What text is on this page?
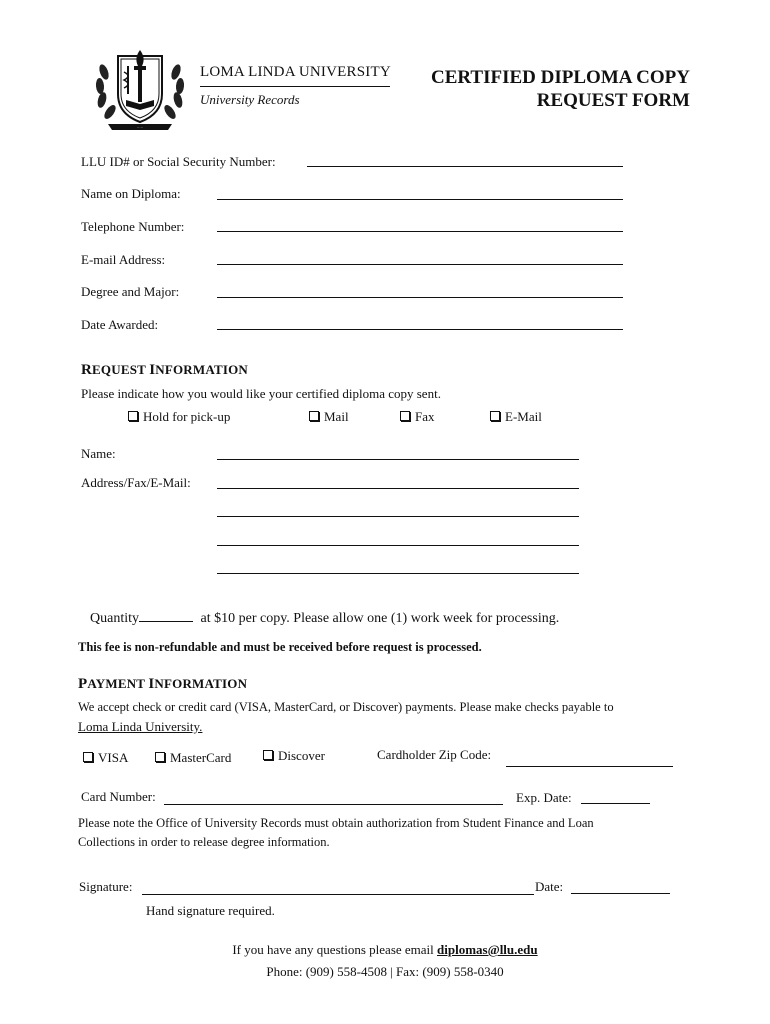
·····
LOMA LINDA UNIVERSITY
University Records
CERTIFIED DIPLOMA COPY
REQUEST FORM
LLU ID# or Social Security Number:
Name on Diploma:
Telephone Number:
E-mail Address:
Degree and Major:
Date Awarded:
REQUEST INFORMATION
Please indicate how you would like your certified diploma copy sent.
Hold for pick-up	Mail	Fax	E-Mail
Name:
Address/Fax/E-Mail:
Quantity	at $10 per copy. Please allow one (1) work week for processing.
This fee is non-refundable and must be received before request is processed.
PAYMENT INFORMATION
We accept check or credit card (VISA, MasterCard, or Discover) payments. Please make checks payable to
Loma Linda University.
VISA	MasterCard	Discover	Cardholder Zip Code:
Card Number:	Exp. Date:
Please note the Office of University Records must obtain authorization from Student Finance and Loan
Collections in order to release degree information.
Signature:	Date:
Hand signature required.
If you have any questions please email diplomas@llu.edu
Phone: (909) 558-4508 | Fax: (909) 558-0340
